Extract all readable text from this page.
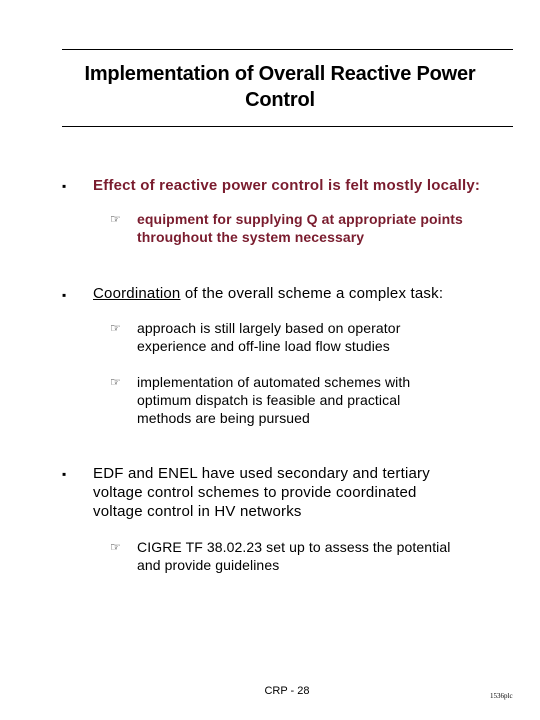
Implementation of Overall Reactive Power
Control
▪ Effect of reactive power control is felt mostly locally:
☞ equipment for supplying Q at appropriate points
throughout the system necessary
▪ Coordination of the overall scheme a complex task:
☞ approach is still largely based on operator
experience and off-line load flow studies
☞ implementation of automated schemes with
optimum dispatch is feasible and practical
methods are being pursued
▪ EDF and ENEL have used secondary and tertiary
voltage control schemes to provide coordinated
voltage control in HV networks
☞ CIGRE TF 38.02.23 set up to assess the potential
and provide guidelines
CRP - 28	1536plc
